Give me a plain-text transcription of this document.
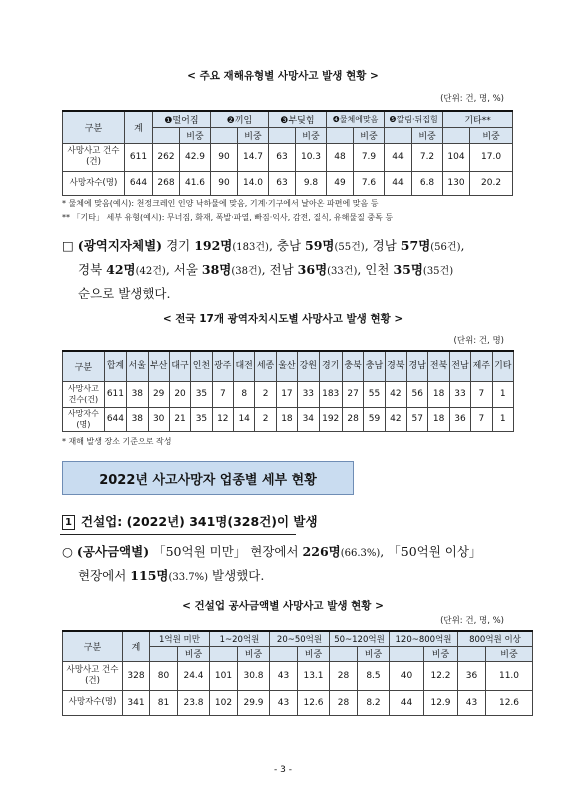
< 주요 재해유형별 사망사고 발생 현황 >
(단위: 건, 명, %)
구분	계	❶떨어짐		❷끼임		❸부딪힘		❹물체에맞음		❺깔림·뒤집힘		기타**	
			비중		비중		비중		비중		비중		비중
사망사고 건수(건)	611	262	42.9	90	14.7	63	10.3	48	7.9	44	7.2	104	17.0
사망자수(명)	644	268	41.6	90	14.0	63	9.8	49	7.6	44	6.8	130	20.2
* 물체에 맞음(예시): 천정크레인 인양 낙하물에 맞음, 기계·기구에서 날아온 파편에 맞음 등
** 「기타」 세부 유형(예시): 무너짐, 화재, 폭발·파열, 빠짐·익사, 감전, 질식, 유해물질 중독 등
□ (광역지자체별) 경기 192명(183건), 충남 59명(55건), 경남 57명(56건),
경북 42명(42건), 서울 38명(38건), 전남 36명(33건), 인천 35명(35건)
순으로 발생했다.
< 전국 17개 광역자치시도별 사망사고 발생 현황 >
(단위: 건, 명)
구분	합계	서울	부산	대구	인천	광주	대전	세종	울산	강원	경기	충북	충남	경북	경남	전북	전남	제주	기타
사망사고 건수(건)	611	38	29	20	35	7	8	2	17	33	183	27	55	42	56	18	33	7	1
사망자수(명)	644	38	30	21	35	12	14	2	18	34	192	28	59	42	57	18	36	7	1
* 재해 발생 장소 기준으로 작성
2022년 사고사망자 업종별 세부 현황
1 건설업: (2022년) 341명(328건)이 발생
○ (공사금액별) 「50억원 미만」 현장에서 226명(66.3%), 「50억원 이상」
현장에서 115명(33.7%) 발생했다.
< 건설업 공사금액별 사망사고 발생 현황 >
(단위: 건, 명, %)
구분	계	1억원 미만		1~20억원		20~50억원		50~120억원		120~800억원		800억원 이상	
			비중		비중		비중		비중		비중		비중
사망사고 건수(건)	328	80	24.4	101	30.8	43	13.1	28	8.5	40	12.2	36	11.0
사망자수(명)	341	81	23.8	102	29.9	43	12.6	28	8.2	44	12.9	43	12.6
- 3 -
